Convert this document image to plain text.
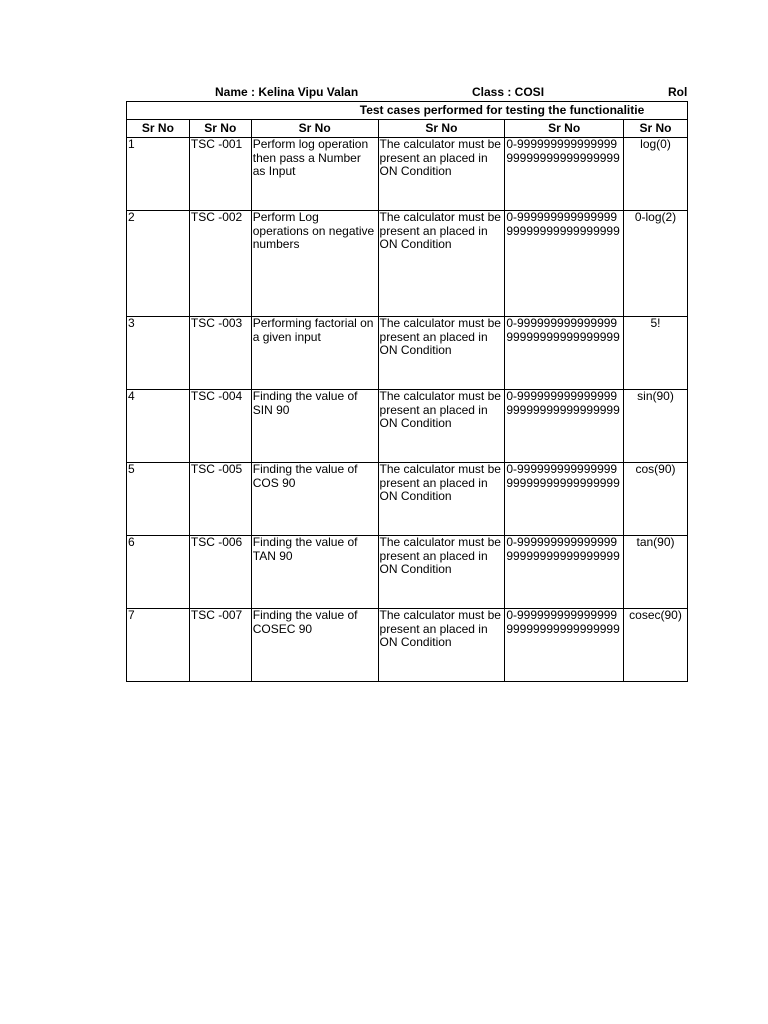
Name : Kelina Vipu Valan	Class : COSI	Rol
Test cases performed for testing the functionalitie					
Sr No	Sr No	Sr No	Sr No	Sr No	Sr No
1	TSC -001	Perform log operation then pass a Number as Input	The calculator must be present an placed in ON Condition	0-99999999999999999999999999999999	log(0)
2	TSC -002	Perform Log operations on negative numbers	The calculator must be present an placed in ON Condition	0-99999999999999999999999999999999	0-log(2)
3	TSC -003	Performing factorial on a given input	The calculator must be present an placed in ON Condition	0-99999999999999999999999999999999	5!
4	TSC -004	Finding the value of SIN 90	The calculator must be present an placed in ON Condition	0-99999999999999999999999999999999	sin(90)
5	TSC -005	Finding the value of COS 90	The calculator must be present an placed in ON Condition	0-99999999999999999999999999999999	cos(90)
6	TSC -006	Finding the value of TAN 90	The calculator must be present an placed in ON Condition	0-99999999999999999999999999999999	tan(90)
7	TSC -007	Finding the value of COSEC 90	The calculator must be present an placed in ON Condition	0-99999999999999999999999999999999	cosec(90)
